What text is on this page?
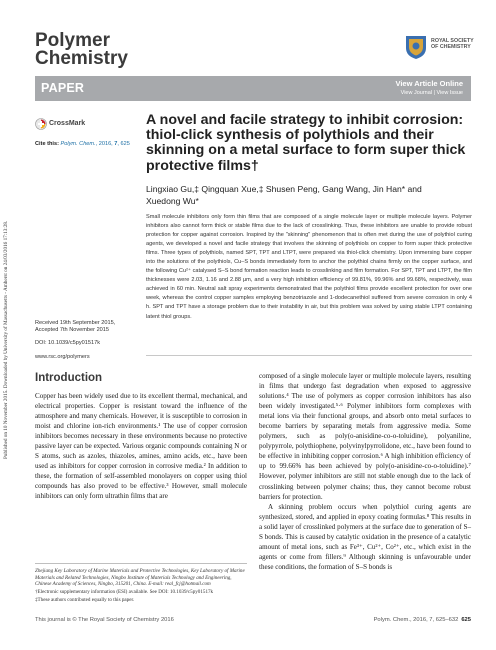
Published on 10 November 2015. Downloaded by University of Massachusetts - Amherst on 24/03/2016 17:13:28.
Polymer
Chemistry
ROYAL SOCIETY
OF CHEMISTRY
PAPER	View Article Online
View Journal | View Issue
CrossMark
Cite this: Polym. Chem., 2016, 7, 625
A novel and facile strategy to inhibit corrosion: thiol-click synthesis of polythiols and their skinning on a metal surface to form super thick protective films†
Lingxiao Gu,‡ Qingquan Xue,‡ Shusen Peng, Gang Wang, Jin Han* and Xuedong Wu*
Received 19th September 2015,
Accepted 7th November 2015
DOI: 10.1039/c5py01517k
www.rsc.org/polymers
Small molecule inhibitors only form thin films that are composed of a single molecule layer or multiple molecule layers. Polymer inhibitors also cannot form thick or stable films due to the lack of crosslinking. Thus, these inhibitors are unable to provide robust protection for copper against corrosion. Inspired by the "skinning" phenomenon that is often met during the use of polythiol curing agents, we developed a novel and facile strategy that involves the skinning of polythiols on copper to form super thick protective films. Three types of polythiols, named SPT, TPT and LTPT, were prepared via thiol-click chemistry. Upon immersing bare copper into the solutions of the polythiols, Cu–S bonds immediately form to anchor the polythiol chains firmly on the copper surface, and the following Cu²⁺ catalysed S–S bond formation reaction leads to crosslinking and film formation. For SPT, TPT and LTPT, the film thicknesses were 2.03, 1.16 and 2.88 μm, and a very high inhibition efficiency of 99.81%, 99.96% and 99.68%, respectively, was achieved in 60 min. Neutral salt spray experiments demonstrated that the polythiol films provide excellent protection for over one week, whereas the control copper samples employing benzotriazole and 1-dodecanethiol suffered from severe corrosion in only 4 h. SPT and TPT have a storage problem due to their instability in air, but this problem was solved by using stable LTPT containing latent thiol groups.
Introduction

Copper has been widely used due to its excellent thermal, mechanical, and electrical properties. Copper is resistant toward the influence of the atmosphere and many chemicals. However, it is susceptible to corrosion in moist and chlorine ion-rich environments.¹ The use of copper corrosion inhibitors becomes necessary in these environments because no protective passive layer can be expected. Various organic compounds containing N or S atoms, such as azoles, thiazoles, amines, amino acids, etc., have been used as inhibitors for copper corrosion in corrosive media.² In addition to these, the formation of self-assembled monolayers on copper using thiol compounds has also proved to be effective.³ However, small molecule inhibitors can only form ultrathin films that are

composed of a single molecule layer or multiple molecule layers, resulting in films that undergo fast degradation when exposed to aggressive solutions.⁴ The use of polymers as copper corrosion inhibitors has also been widely investigated.⁵·⁶ Polymer inhibitors form complexes with metal ions via their functional groups, and absorb onto metal surfaces to become barriers by separating metals from aggressive media. Some polymers, such as poly(o-anisidine-co-o-toluidine), polyaniline, polypyrrole, polythiophene, polyvinylpyrrolidone, etc., have been found to be effective in inhibiting copper corrosion.⁶ A high inhibition efficiency of up to 99.66% has been achieved by poly(o-anisidine-co-o-toluidine).⁷ However, polymer inhibitors are still not stable enough due to the lack of crosslinking between polymer chains; thus, they cannot become robust barriers for protection.

A skinning problem occurs when polythiol curing agents are synthesized, stored, and applied in epoxy coating formulas.⁸ This results in a solid layer of crosslinked polymers at the surface due to generation of S–S bonds. This is caused by catalytic oxidation in the presence of a catalytic amount of metal ions, such as Fe³⁺, Cu²⁺, Co²⁺, etc., which exist in the agents or come from fillers.⁹ Although skinning is unfavourable under these conditions, the formation of S–S bonds is

Zhejiang Key Laboratory of Marine Materials and Protective Technologies, Key Laboratory of Marine Materials and Related Technologies, Ningbo Institute of Materials Technology and Engineering, Chinese Academy of Sciences, Ningbo, 315201, China. E-mail: real_fcj@hotmail.com

†Electronic supplementary information (ESI) available. See DOI: 10.1039/c5py01517k

‡These authors contributed equally to this paper.

This journal is © The Royal Society of Chemistry 2016	Polym. Chem., 2016, 7, 625–632 625
